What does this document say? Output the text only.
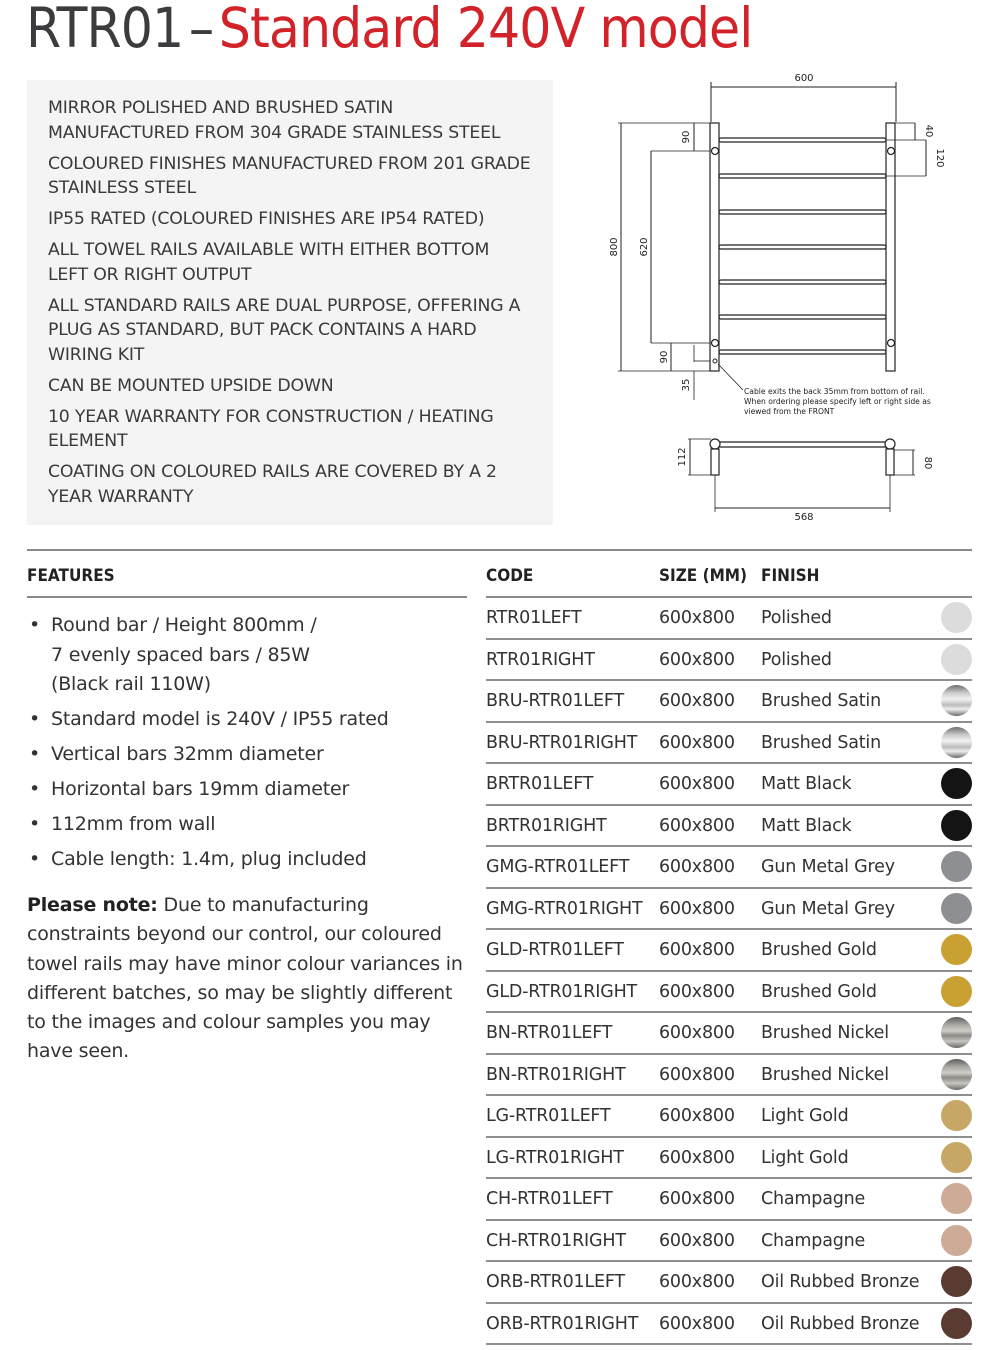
RTR01 – Standard 240V model
MIRROR POLISHED AND BRUSHED SATIN MANUFACTURED FROM 304 GRADE STAINLESS STEEL
COLOURED FINISHES MANUFACTURED FROM 201 GRADE STAINLESS STEEL
IP55 RATED (COLOURED FINISHES ARE IP54 RATED)
ALL TOWEL RAILS AVAILABLE WITH EITHER BOTTOM LEFT OR RIGHT OUTPUT
ALL STANDARD RAILS ARE DUAL PURPOSE, OFFERING A PLUG AS STANDARD, BUT PACK CONTAINS A HARD WIRING KIT
CAN BE MOUNTED UPSIDE DOWN
10 YEAR WARRANTY FOR CONSTRUCTION / HEATING ELEMENT
COATING ON COLOURED RAILS ARE COVERED BY A 2 YEAR WARRANTY
600
800 620
90
90
35
40
120
Cable exits the back 35mm from bottom of rail.
When ordering please specify left or right side as
viewed from the FRONT
112	80
568
FEATURES	CODE	SIZE (MM) FINISH
• Round bar / Height 800mm /
7 evenly spaced bars / 85W
(Black rail 110W)
• Standard model is 240V / IP55 rated
• Vertical bars 32mm diameter
• Horizontal bars 19mm diameter
• 112mm from wall
• Cable length: 1.4m, plug included
Please note: Due to manufacturing constraints beyond our control, our coloured towel rails may have minor colour variances in different batches, so may be slightly different to the images and colour samples you may have seen.
RTR01LEFT	600x800 Polished
RTR01RIGHT	600x800 Polished
BRU-RTR01LEFT 600x800 Brushed Satin
BRU-RTR01RIGHT 600x800 Brushed Satin
BRTR01LEFT	600x800 Matt Black
BRTR01RIGHT	600x800 Matt Black
GMG-RTR01LEFT 600x800 Gun Metal Grey
GMG-RTR01RIGHT 600x800 Gun Metal Grey
GLD-RTR01LEFT 600x800 Brushed Gold
GLD-RTR01RIGHT 600x800 Brushed Gold
BN-RTR01LEFT	600x800 Brushed Nickel
BN-RTR01RIGHT 600x800 Brushed Nickel
LG-RTR01LEFT	600x800 Light Gold
LG-RTR01RIGHT 600x800 Light Gold
CH-RTR01LEFT	600x800 Champagne
CH-RTR01RIGHT 600x800 Champagne
ORB-RTR01LEFT 600x800 Oil Rubbed Bronze
ORB-RTR01RIGHT 600x800 Oil Rubbed Bronze
